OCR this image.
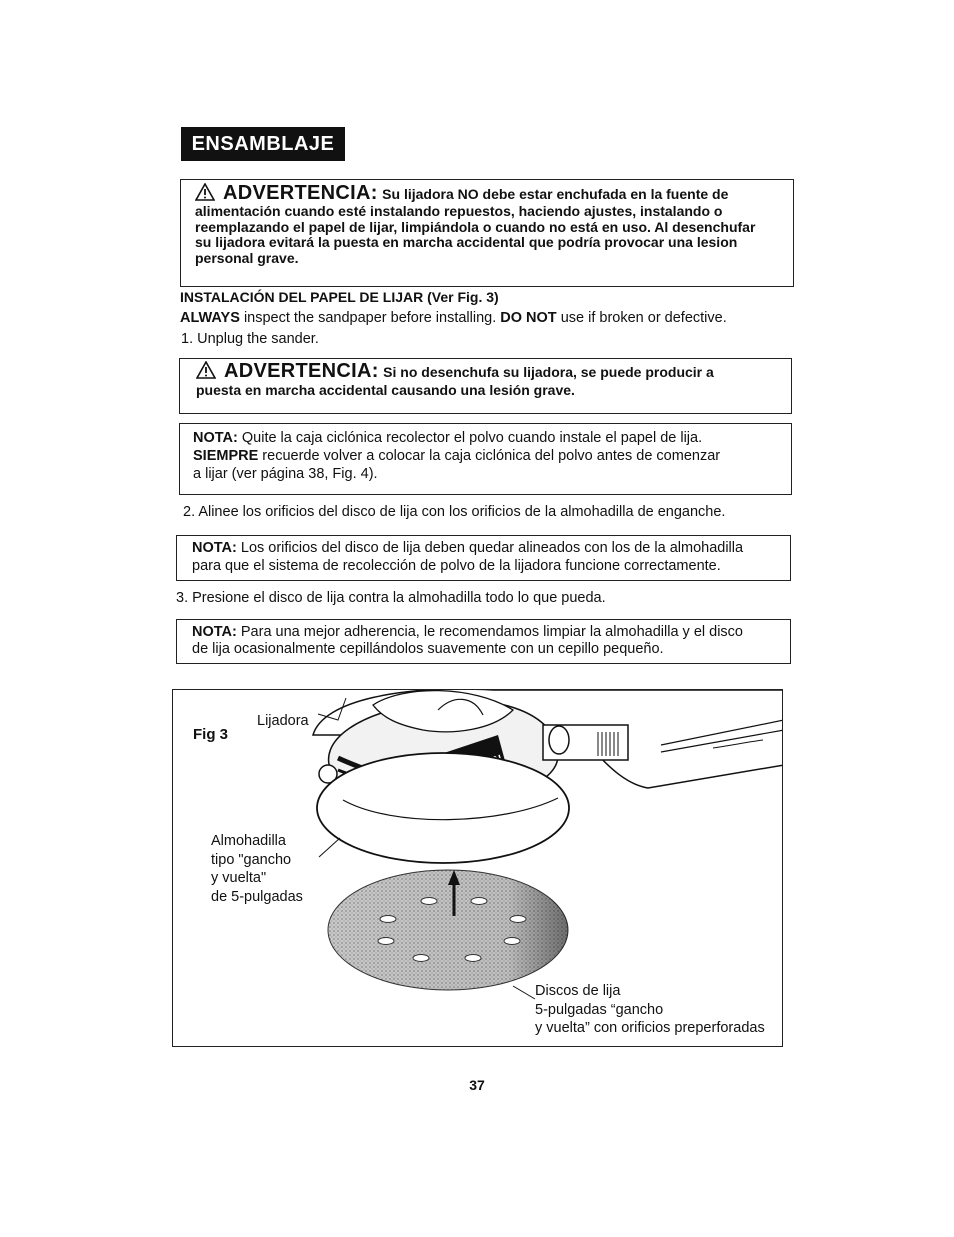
ENSAMBLAJE
ADVERTENCIA: Su lijadora NO debe estar enchufada en la fuente de
alimentación cuando esté instalando repuestos, haciendo ajustes, instalando o
reemplazando el papel de lijar, limpiándola o cuando no está en uso. Al desenchufar
su lijadora evitará la puesta en marcha accidental que podría provocar una lesion
personal grave.
INSTALACIÓN DEL PAPEL DE LIJAR (Ver Fig. 3)
ALWAYS inspect the sandpaper before installing. DO NOT use if broken or defective.
1. Unplug the sander.
ADVERTENCIA: Si no desenchufa su lijadora, se puede producir a
puesta en marcha accidental causando una lesión grave.
NOTA: Quite la caja ciclónica recolector el polvo cuando instale el papel de lija.
SIEMPRE recuerde volver a colocar la caja ciclónica del polvo antes de comenzar
a lijar (ver página 38, Fig. 4).
2. Alinee los orificios del disco de lija con los orificios de la almohadilla de enganche.
NOTA: Los orificios del disco de lija deben quedar alineados con los de la almohadilla
para que el sistema de recolección de polvo de la lijadora funcione correctamente.
3. Presione el disco de lija contra la almohadilla todo lo que pueda.
NOTA: Para una mejor adherencia, le recomendamos limpiar la almohadilla y el disco
de lija ocasionalmente cepillándolos suavemente con un cepillo pequeño.
Fig 3
Lijadora
Almohadilla
tipo "gancho
y vuelta"
de 5-pulgadas
Discos de lija
5-pulgadas “gancho
y vuelta” con orificios preperforadas
37
